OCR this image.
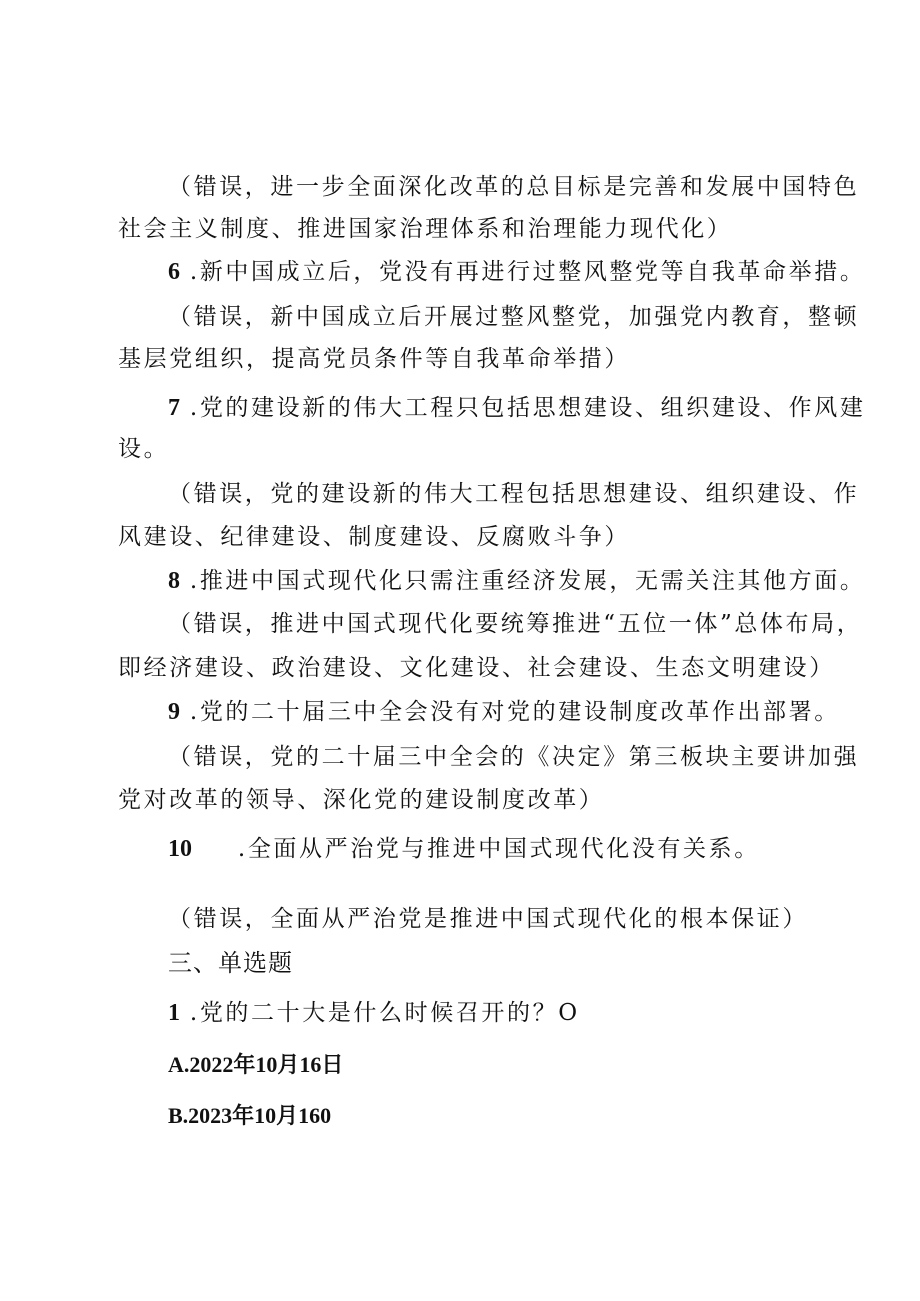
（错误，进一步全面深化改革的总目标是完善和发展中国特色
社会主义制度、推进国家治理体系和治理能力现代化）
6 .新中国成立后，党没有再进行过整风整党等自我革命举措。
（错误，新中国成立后开展过整风整党，加强党内教育，整顿
基层党组织，提高党员条件等自我革命举措）
7 .党的建设新的伟大工程只包括思想建设、组织建设、作风建
设。
（错误，党的建设新的伟大工程包括思想建设、组织建设、作
风建设、纪律建设、制度建设、反腐败斗争）
8 .推进中国式现代化只需注重经济发展，无需关注其他方面。
（错误，推进中国式现代化要统筹推进“五位一体”总体布局，
即经济建设、政治建设、文化建设、社会建设、生态文明建设）
9 .党的二十届三中全会没有对党的建设制度改革作出部署。
（错误，党的二十届三中全会的《决定》第三板块主要讲加强
党对改革的领导、深化党的建设制度改革）
10 .全面从严治党与推进中国式现代化没有关系。
（错误，全面从严治党是推进中国式现代化的根本保证）
三、单选题
1 .党的二十大是什么时候召开的？O
A.2022年10月16日
B.2023年10月160
